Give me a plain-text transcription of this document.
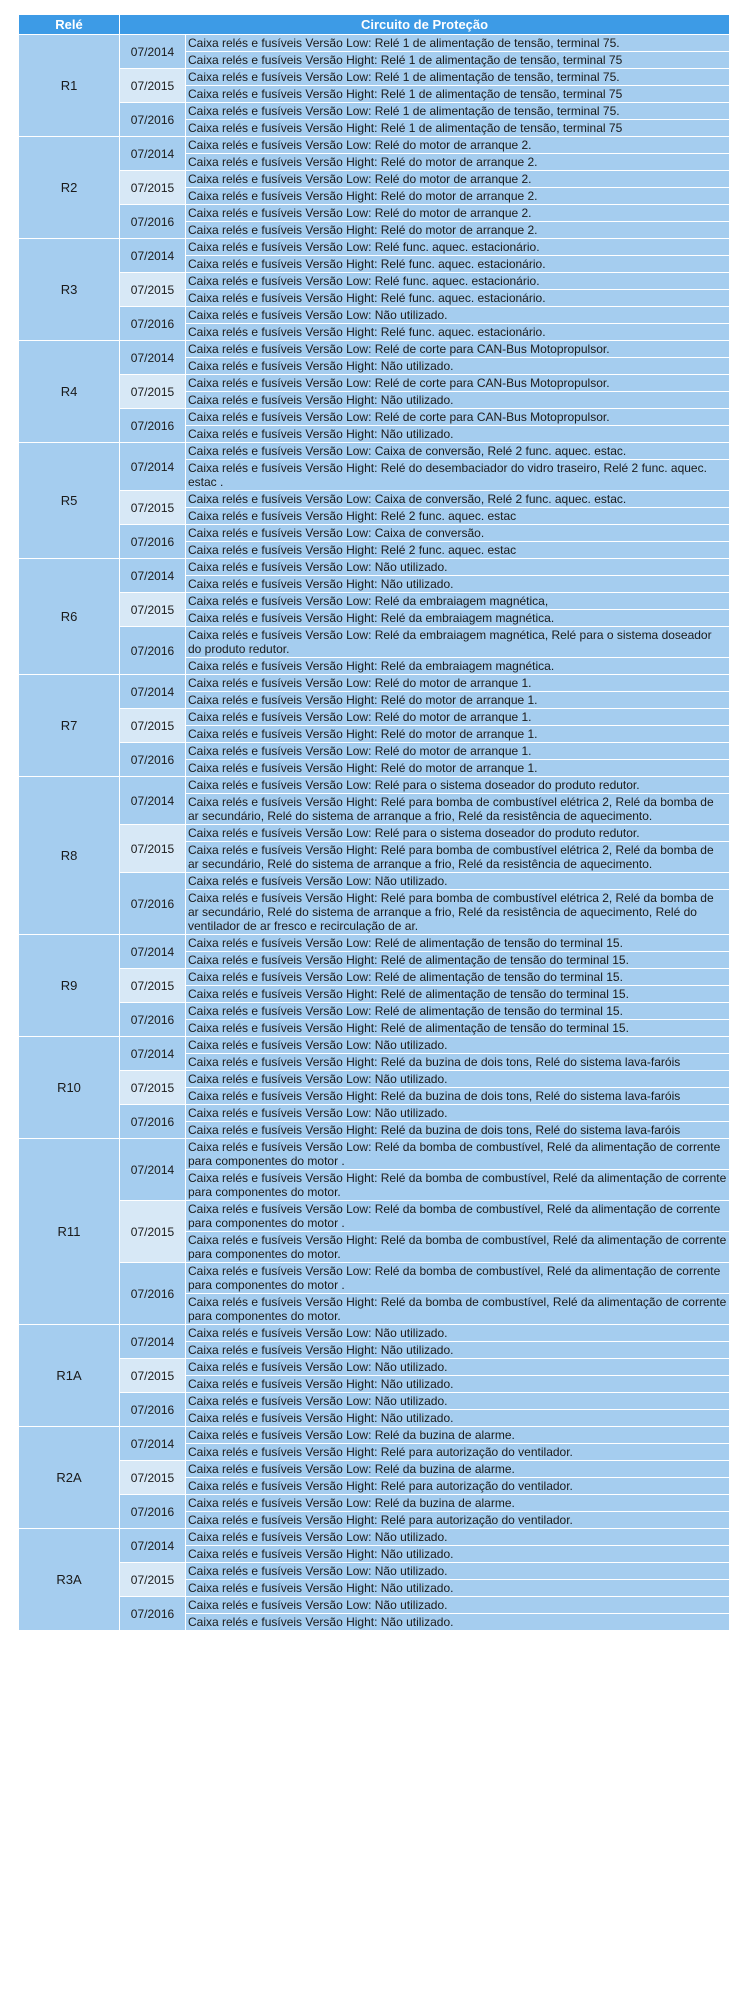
Relé	Circuito de Proteção	
R1	07/2014	Caixa relés e fusíveis Versão Low: Relé 1 de alimentação de tensão, terminal 75.
		Caixa relés e fusíveis Versão Hight: Relé 1 de alimentação de tensão, terminal 75
	07/2015	Caixa relés e fusíveis Versão Low: Relé 1 de alimentação de tensão, terminal 75.
		Caixa relés e fusíveis Versão Hight: Relé 1 de alimentação de tensão, terminal 75
	07/2016	Caixa relés e fusíveis Versão Low: Relé 1 de alimentação de tensão, terminal 75.
		Caixa relés e fusíveis Versão Hight: Relé 1 de alimentação de tensão, terminal 75
R2	07/2014	Caixa relés e fusíveis Versão Low: Relé do motor de arranque 2.
		Caixa relés e fusíveis Versão Hight: Relé do motor de arranque 2.
	07/2015	Caixa relés e fusíveis Versão Low: Relé do motor de arranque 2.
		Caixa relés e fusíveis Versão Hight: Relé do motor de arranque 2.
	07/2016	Caixa relés e fusíveis Versão Low: Relé do motor de arranque 2.
		Caixa relés e fusíveis Versão Hight: Relé do motor de arranque 2.
R3	07/2014	Caixa relés e fusíveis Versão Low: Relé func. aquec. estacionário.
		Caixa relés e fusíveis Versão Hight: Relé func. aquec. estacionário.
	07/2015	Caixa relés e fusíveis Versão Low: Relé func. aquec. estacionário.
		Caixa relés e fusíveis Versão Hight: Relé func. aquec. estacionário.
	07/2016	Caixa relés e fusíveis Versão Low: Não utilizado.
		Caixa relés e fusíveis Versão Hight: Relé func. aquec. estacionário.
R4	07/2014	Caixa relés e fusíveis Versão Low: Relé de corte para CAN-Bus Motopropulsor.
		Caixa relés e fusíveis Versão Hight: Não utilizado.
	07/2015	Caixa relés e fusíveis Versão Low: Relé de corte para CAN-Bus Motopropulsor.
		Caixa relés e fusíveis Versão Hight: Não utilizado.
	07/2016	Caixa relés e fusíveis Versão Low: Relé de corte para CAN-Bus Motopropulsor.
		Caixa relés e fusíveis Versão Hight: Não utilizado.
R5	07/2014	Caixa relés e fusíveis Versão Low: Caixa de conversão, Relé 2 func. aquec. estac.
		Caixa relés e fusíveis Versão Hight: Relé do desembaciador do vidro traseiro, Relé 2 func. aquec. estac .
	07/2015	Caixa relés e fusíveis Versão Low: Caixa de conversão, Relé 2 func. aquec. estac.
		Caixa relés e fusíveis Versão Hight: Relé 2 func. aquec. estac
	07/2016	Caixa relés e fusíveis Versão Low: Caixa de conversão.
		Caixa relés e fusíveis Versão Hight: Relé 2 func. aquec. estac
R6	07/2014	Caixa relés e fusíveis Versão Low: Não utilizado.
		Caixa relés e fusíveis Versão Hight: Não utilizado.
	07/2015	Caixa relés e fusíveis Versão Low: Relé da embraiagem magnética,
		Caixa relés e fusíveis Versão Hight: Relé da embraiagem magnética.
	07/2016	Caixa relés e fusíveis Versão Low: Relé da embraiagem magnética, Relé para o sistema doseador do produto redutor.
		Caixa relés e fusíveis Versão Hight: Relé da embraiagem magnética.
R7	07/2014	Caixa relés e fusíveis Versão Low: Relé do motor de arranque 1.
		Caixa relés e fusíveis Versão Hight: Relé do motor de arranque 1.
	07/2015	Caixa relés e fusíveis Versão Low: Relé do motor de arranque 1.
		Caixa relés e fusíveis Versão Hight: Relé do motor de arranque 1.
	07/2016	Caixa relés e fusíveis Versão Low: Relé do motor de arranque 1.
		Caixa relés e fusíveis Versão Hight: Relé do motor de arranque 1.
R8	07/2014	Caixa relés e fusíveis Versão Low: Relé para o sistema doseador do produto redutor.
		Caixa relés e fusíveis Versão Hight: Relé para bomba de combustível elétrica 2, Relé da bomba de ar secundário, Relé do sistema de arranque a frio, Relé da resistência de aquecimento.
	07/2015	Caixa relés e fusíveis Versão Low: Relé para o sistema doseador do produto redutor.
		Caixa relés e fusíveis Versão Hight: Relé para bomba de combustível elétrica 2, Relé da bomba de ar secundário, Relé do sistema de arranque a frio, Relé da resistência de aquecimento.
	07/2016	Caixa relés e fusíveis Versão Low: Não utilizado.
		Caixa relés e fusíveis Versão Hight: Relé para bomba de combustível elétrica 2, Relé da bomba de ar secundário, Relé do sistema de arranque a frio, Relé da resistência de aquecimento, Relé do ventilador de ar fresco e recirculação de ar.
R9	07/2014	Caixa relés e fusíveis Versão Low: Relé de alimentação de tensão do terminal 15.
		Caixa relés e fusíveis Versão Hight: Relé de alimentação de tensão do terminal 15.
	07/2015	Caixa relés e fusíveis Versão Low: Relé de alimentação de tensão do terminal 15.
		Caixa relés e fusíveis Versão Hight: Relé de alimentação de tensão do terminal 15.
	07/2016	Caixa relés e fusíveis Versão Low: Relé de alimentação de tensão do terminal 15.
		Caixa relés e fusíveis Versão Hight: Relé de alimentação de tensão do terminal 15.
R10	07/2014	Caixa relés e fusíveis Versão Low: Não utilizado.
		Caixa relés e fusíveis Versão Hight: Relé da buzina de dois tons, Relé do sistema lava-faróis
	07/2015	Caixa relés e fusíveis Versão Low: Não utilizado.
		Caixa relés e fusíveis Versão Hight: Relé da buzina de dois tons, Relé do sistema lava-faróis
	07/2016	Caixa relés e fusíveis Versão Low: Não utilizado.
		Caixa relés e fusíveis Versão Hight: Relé da buzina de dois tons, Relé do sistema lava-faróis
R11	07/2014	Caixa relés e fusíveis Versão Low: Relé da bomba de combustível, Relé da alimentação de corrente para componentes do motor .
		Caixa relés e fusíveis Versão Hight: Relé da bomba de combustível, Relé da alimentação de corrente para componentes do motor.
	07/2015	Caixa relés e fusíveis Versão Low: Relé da bomba de combustível, Relé da alimentação de corrente para componentes do motor .
		Caixa relés e fusíveis Versão Hight: Relé da bomba de combustível, Relé da alimentação de corrente para componentes do motor.
	07/2016	Caixa relés e fusíveis Versão Low: Relé da bomba de combustível, Relé da alimentação de corrente para componentes do motor .
		Caixa relés e fusíveis Versão Hight: Relé da bomba de combustível, Relé da alimentação de corrente para componentes do motor.
R1A	07/2014	Caixa relés e fusíveis Versão Low: Não utilizado.
		Caixa relés e fusíveis Versão Hight: Não utilizado.
	07/2015	Caixa relés e fusíveis Versão Low: Não utilizado.
		Caixa relés e fusíveis Versão Hight: Não utilizado.
	07/2016	Caixa relés e fusíveis Versão Low: Não utilizado.
		Caixa relés e fusíveis Versão Hight: Não utilizado.
R2A	07/2014	Caixa relés e fusíveis Versão Low: Relé da buzina de alarme.
		Caixa relés e fusíveis Versão Hight: Relé para autorização do ventilador.
	07/2015	Caixa relés e fusíveis Versão Low: Relé da buzina de alarme.
		Caixa relés e fusíveis Versão Hight: Relé para autorização do ventilador.
	07/2016	Caixa relés e fusíveis Versão Low: Relé da buzina de alarme.
		Caixa relés e fusíveis Versão Hight: Relé para autorização do ventilador.
R3A	07/2014	Caixa relés e fusíveis Versão Low: Não utilizado.
		Caixa relés e fusíveis Versão Hight: Não utilizado.
	07/2015	Caixa relés e fusíveis Versão Low: Não utilizado.
		Caixa relés e fusíveis Versão Hight: Não utilizado.
	07/2016	Caixa relés e fusíveis Versão Low: Não utilizado.
		Caixa relés e fusíveis Versão Hight: Não utilizado.
